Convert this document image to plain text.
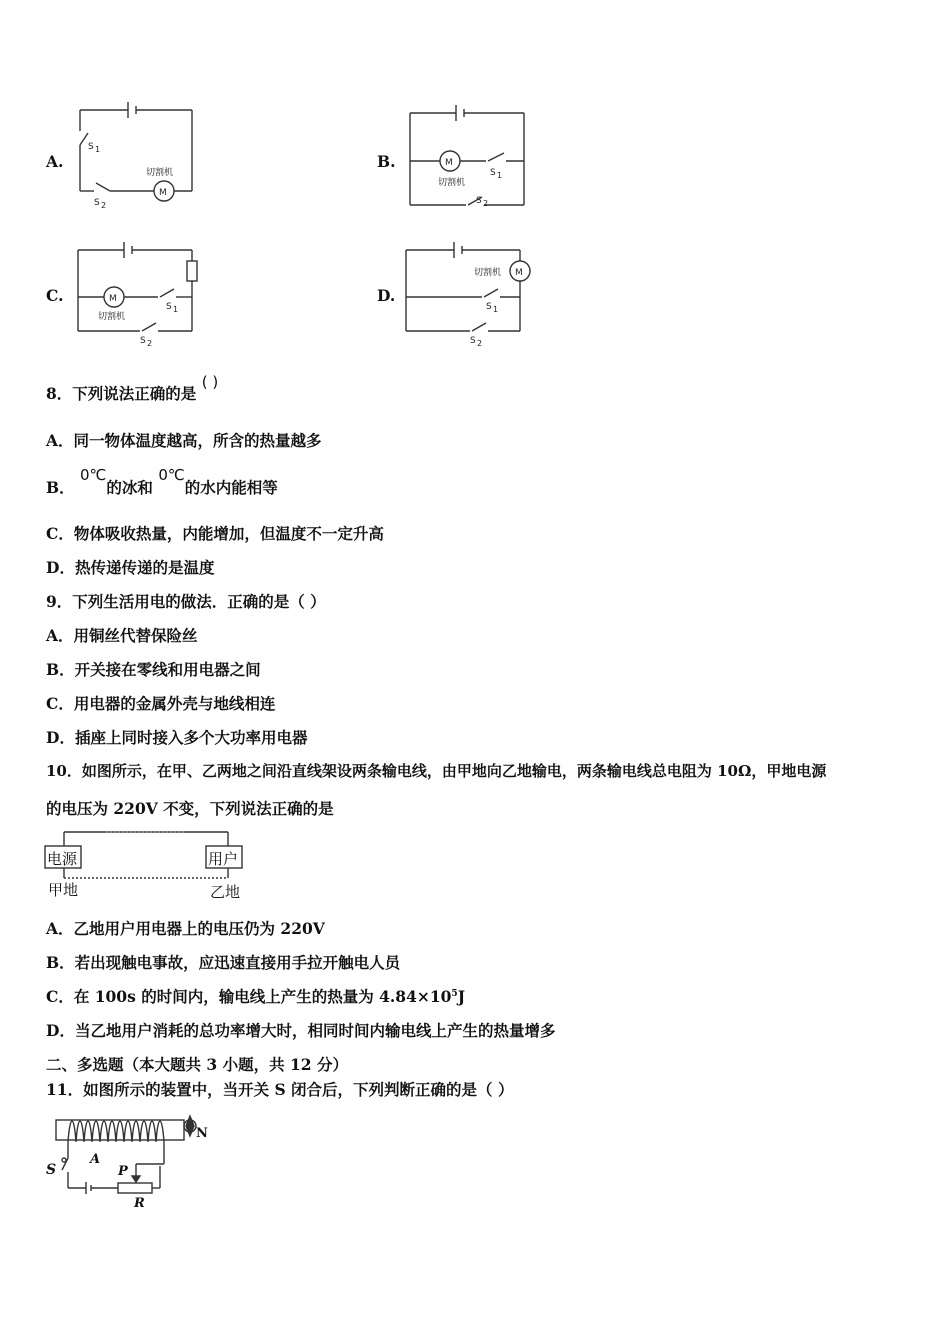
A.
M
S 1
S 2
切割机
B.	M
S 1
切割机
S 2
C.	M
S 1
切割机
S 2
D.
M
切割机
S 1
S 2
8．下列说法正确的是 ( )
A．同一物体温度越高，所含的热量越多
B． 0℃的冰和 0℃的水内能相等
C．物体吸收热量，内能增加，但温度不一定升高
D．热传递传递的是温度
9．下列生活用电的做法．正确的是（ ）
A．用铜丝代替保险丝
B．开关接在零线和用电器之间
C．用电器的金属外壳与地线相连
D．插座上同时接入多个大功率用电器
10．如图所示，在甲、乙两地之间沿直线架设两条输电线，由甲地向乙地输电，两条输电线总电阻为 10Ω，甲地电源
的电压为 220V 不变，下列说法正确的是
电源	用户
甲地	乙地
A．乙地用户用电器上的电压仍为 220V
B．若出现触电事故，应迅速直接用手拉开触电人员
C．在 100s 的时间内，输电线上产生的热量为 $4.84\times 10^5J$
D．当乙地用户消耗的总功率增大时，相同时间内输电线上产生的热量增多
二、多选题（本大题共 3 小题，共 12 分）
11．如图所示的装置中，当开关 S 闭合后，下列判断正确的是（ ）
S
A
P
R
N
